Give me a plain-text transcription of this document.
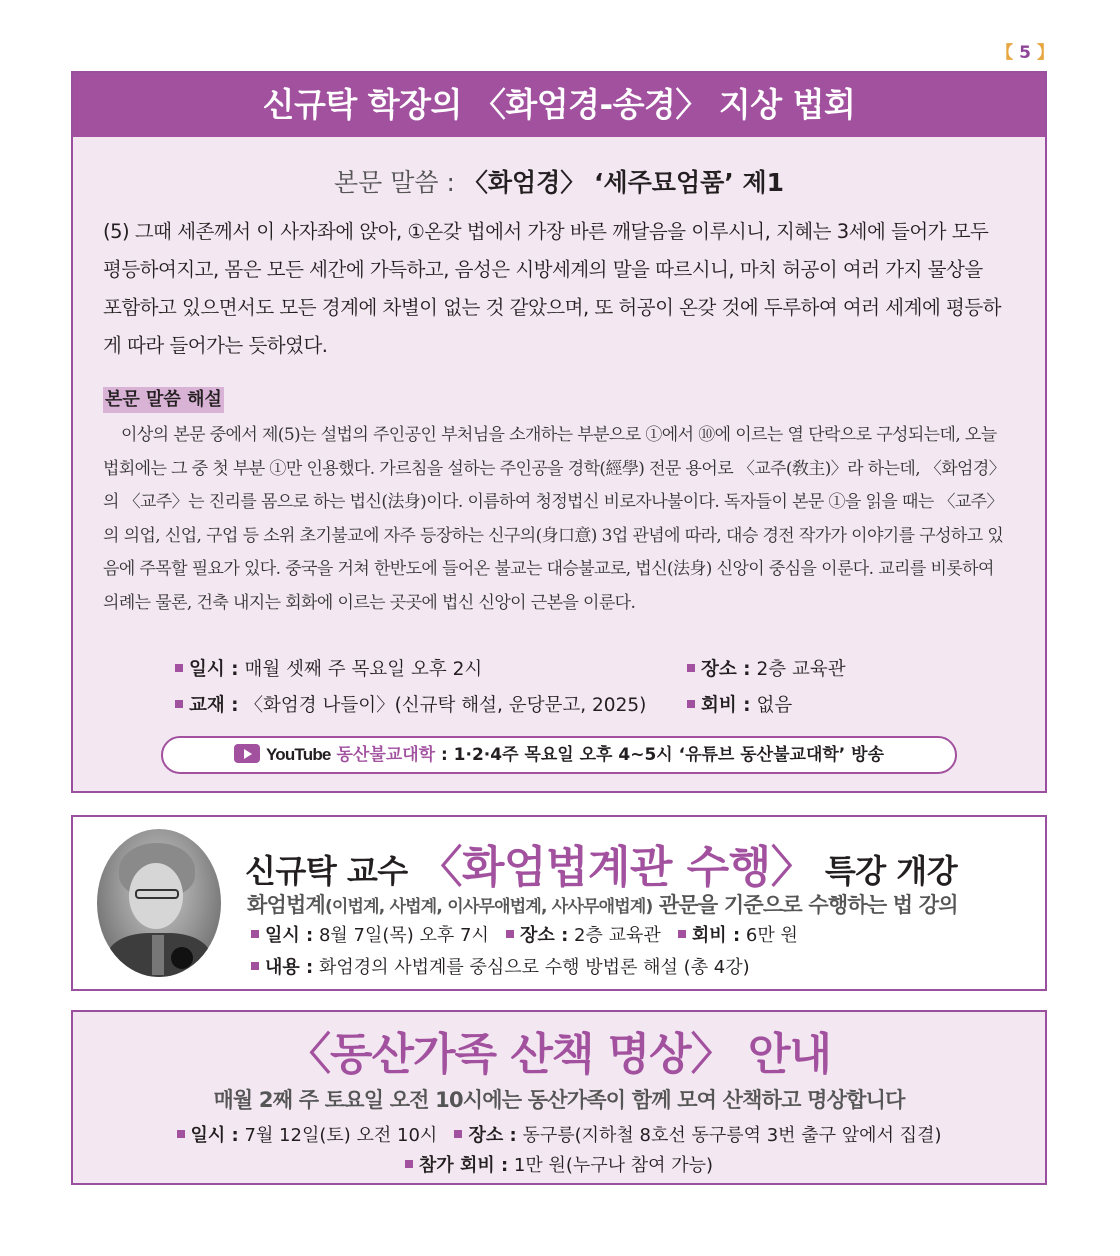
【 5 】
신규탁 학장의 〈화엄경-송경〉 지상 법회
본문 말씀 : 〈화엄경〉 ‘세주묘엄품’ 제1
(5) 그때 세존께서 이 사자좌에 앉아, ①온갖 법에서 가장 바른 깨달음을 이루시니, 지혜는 3세에 들어가 모두 평등하여지고, 몸은 모든 세간에 가득하고, 음성은 시방세계의 말을 따르시니, 마치 허공이 여러 가지 물상을 포함하고 있으면서도 모든 경계에 차별이 없는 것 같았으며, 또 허공이 온갖 것에 두루하여 여러 세계에 평등하게 따라 들어가는 듯하였다.
본문 말씀 해설
이상의 본문 중에서 제(5)는 설법의 주인공인 부처님을 소개하는 부분으로 ①에서 ⑩에 이르는 열 단락으로 구성되는데, 오늘 법회에는 그 중 첫 부분 ①만 인용했다. 가르침을 설하는 주인공을 경학(經學) 전문 용어로 〈교주(敎主)〉라 하는데, 〈화엄경〉의 〈교주〉는 진리를 몸으로 하는 법신(法身)이다. 이름하여 청정법신 비로자나불이다. 독자들이 본문 ①을 읽을 때는 〈교주〉의 의업, 신업, 구업 등 소위 초기불교에 자주 등장하는 신구의(身口意) 3업 관념에 따라, 대승 경전 작가가 이야기를 구성하고 있음에 주목할 필요가 있다. 중국을 거쳐 한반도에 들어온 불교는 대승불교로, 법신(法身) 신앙이 중심을 이룬다. 교리를 비롯하여 의례는 물론, 건축 내지는 회화에 이르는 곳곳에 법신 신앙이 근본을 이룬다.
일시 : 매월 셋째 주 목요일 오후 2시	장소 : 2층 교육관
교재 : 〈화엄경 나들이〉(신규탁 해설, 운당문고, 2025)	회비 : 없음
YouTube 동산불교대학 : 1·2·4주 목요일 오후 4~5시 ‘유튜브 동산불교대학’ 방송
신규탁 교수 〈화엄법계관 수행〉 특강 개강
화엄법계(이법계, 사법계, 이사무애법계, 사사무애법계) 관문을 기준으로 수행하는 법 강의
일시 : 8월 7일(목) 오후 7시 장소 : 2층 교육관 회비 : 6만 원
내용 : 화엄경의 사법계를 중심으로 수행 방법론 해설 (총 4강)
〈동산가족 산책 명상〉 안내
매월 2째 주 토요일 오전 10시에는 동산가족이 함께 모여 산책하고 명상합니다
일시 : 7월 12일(토) 오전 10시 장소 : 동구릉(지하철 8호선 동구릉역 3번 출구 앞에서 집결)
참가 회비 : 1만 원(누구나 참여 가능)
